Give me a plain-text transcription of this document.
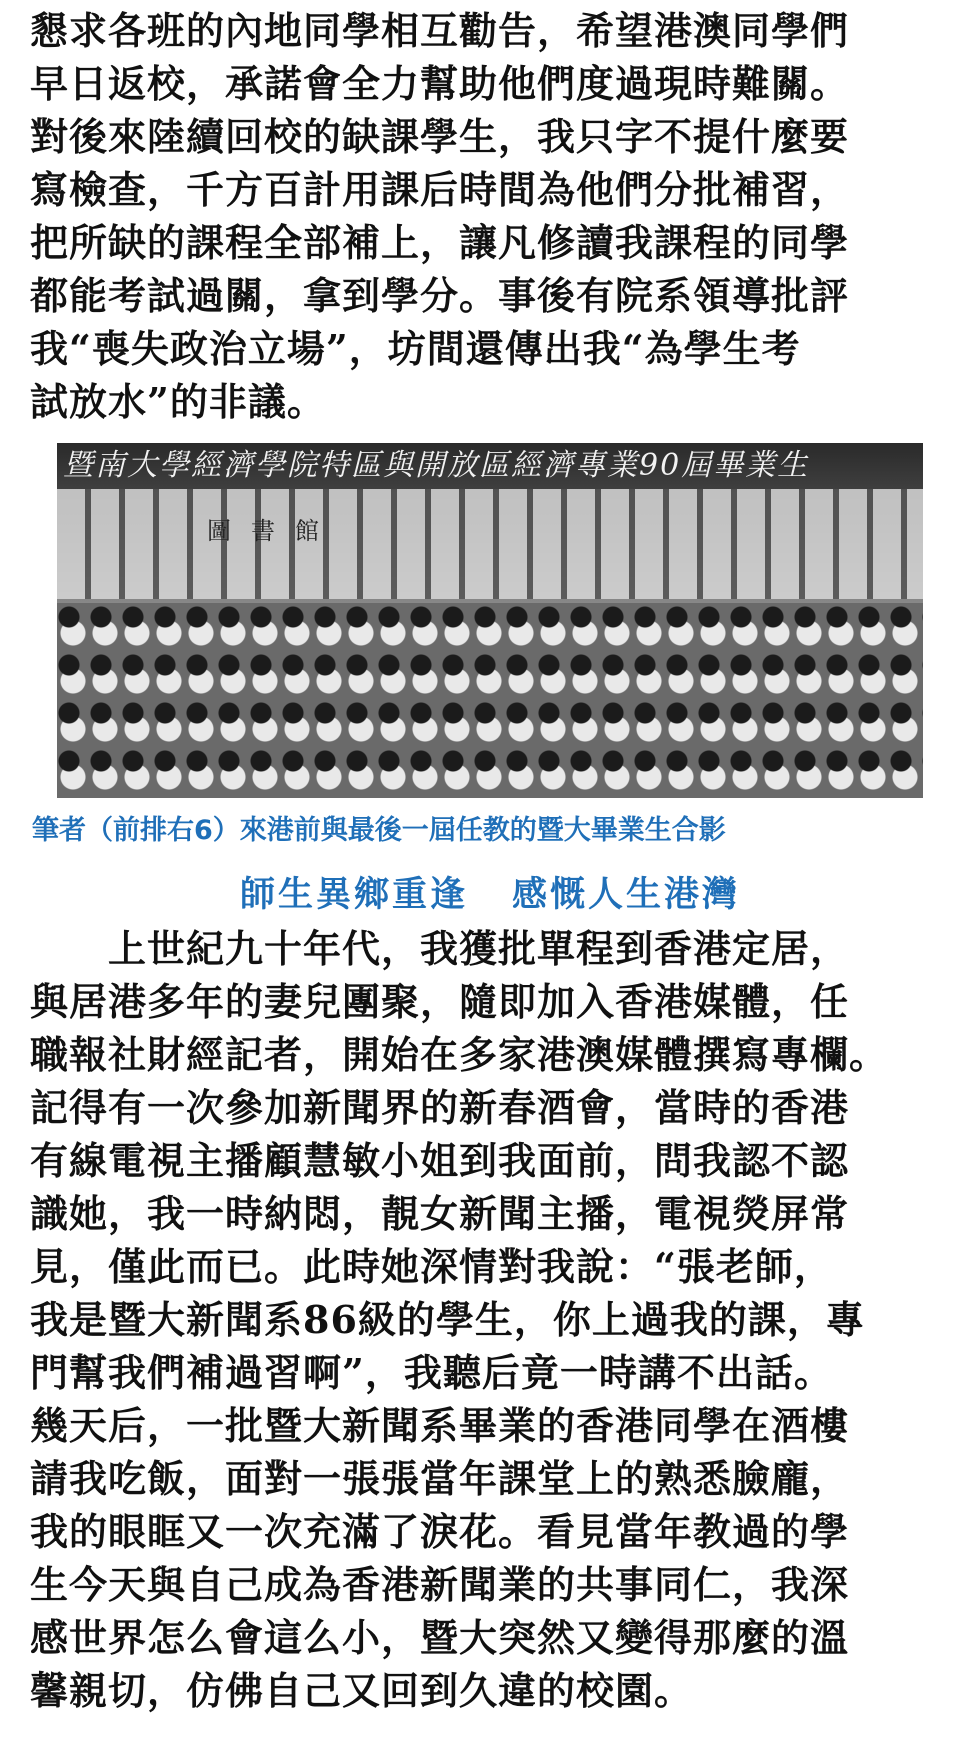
懇求各班的內地同學相互勸告，希望港澳同學們
早日返校，承諾會全力幫助他們度過現時難關。
對後來陸續回校的缺課學生，我只字不提什麼要
寫檢查，千方百計用課后時間為他們分批補習，
把所缺的課程全部補上，讓凡修讀我課程的同學
都能考試過關，拿到學分。事後有院系領導批評
我“喪失政治立場”，坊間還傳出我“為學生考
試放水”的非議。
暨南大學經濟學院特區與開放區經濟專業90屆畢業生
圖書館
筆者（前排右6）來港前與最後一屆任教的暨大畢業生合影
師生異鄉重逢 感慨人生港灣
　　上世紀九十年代，我獲批單程到香港定居，
與居港多年的妻兒團聚，隨即加入香港媒體，任
職報社財經記者，開始在多家港澳媒體撰寫專欄。
記得有一次參加新聞界的新春酒會，當時的香港
有線電視主播顧慧敏小姐到我面前，問我認不認
識她，我一時納悶，靚女新聞主播，電視熒屏常
見，僅此而已。此時她深情對我說：“張老師，
我是暨大新聞系86級的學生，你上過我的課，專
門幫我們補過習啊”，我聽后竟一時講不出話。
幾天后，一批暨大新聞系畢業的香港同學在酒樓
請我吃飯，面對一張張當年課堂上的熟悉臉龐，
我的眼眶又一次充滿了淚花。看見當年教過的學
生今天與自己成為香港新聞業的共事同仁，我深
感世界怎么會這么小，暨大突然又變得那麼的溫
馨親切，仿佛自己又回到久違的校園。
